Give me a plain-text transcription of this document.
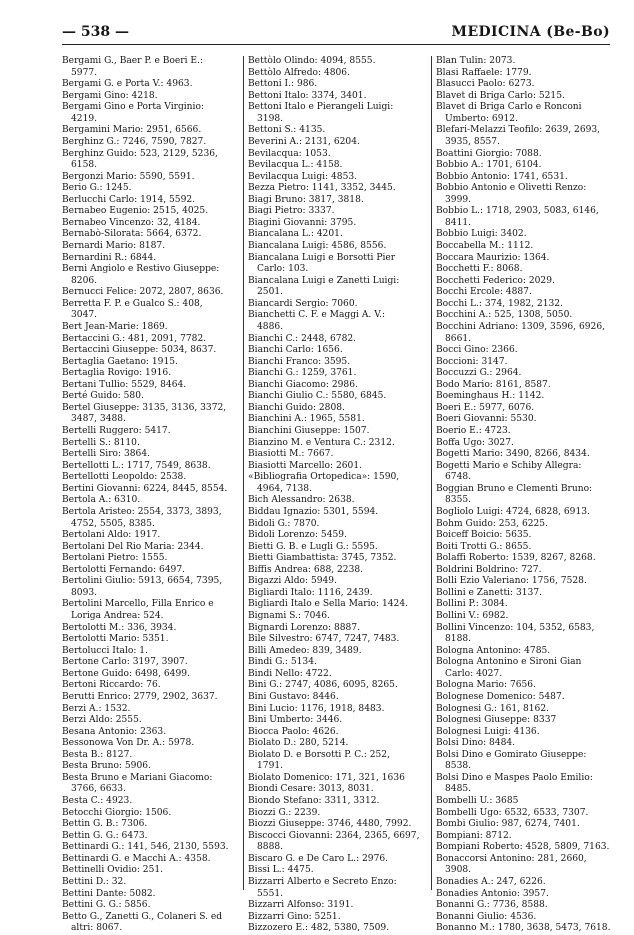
— 538 —	MEDICINA (Be-Bo)
Bergami G., Baer P. e Boeri E.:
5977.
Bergami G. e Porta V.: 4963.
Bergami Gino: 4218.
Bergami Gino e Porta Virginio:
4219.
Bergamini Mario: 2951, 6566.
Berghinz G.: 7246, 7590, 7827.
Berghinz Guido: 523, 2129, 5236,
6158.
Bergonzi Mario: 5590, 5591.
Berio G.: 1245.
Berlucchi Carlo: 1914, 5592.
Bernabeo Eugenio: 2515, 4025.
Bernabeo Vincenzo: 32, 4184.
Bernabò-Silorata: 5664, 6372.
Bernardi Mario: 8187.
Bernardini R.: 6844.
Berni Angiolo e Restivo Giuseppe:
8206.
Bernucci Felice: 2072, 2807, 8636.
Berretta F. P. e Gualco S.: 408,
3047.
Bert Jean-Marie: 1869.
Bertaccini G.: 481, 2091, 7782.
Bertaccini Giuseppe: 5034, 8637.
Bertaglia Gaetano: 1915.
Bertaglia Rovigo: 1916.
Bertani Tullio: 5529, 8464.
Berté Guido: 580.
Bertel Giuseppe: 3135, 3136, 3372,
3487, 3488.
Bertelli Ruggero: 5417.
Bertelli S.: 8110.
Bertelli Siro: 3864.
Bertellotti L.: 1717, 7549, 8638.
Bertellotti Leopoldo: 2538.
Bertini Giovanni: 6224, 8445, 8554.
Bertola A.: 6310.
Bertola Aristeo: 2554, 3373, 3893,
4752, 5505, 8385.
Bertolani Aldo: 1917.
Bertolani Del Rio Maria: 2344.
Bertolani Pietro: 1555.
Bertolotti Fernando: 6497.
Bertolini Giulio: 5913, 6654, 7395,
8093.
Bertolini Marcello, Filla Enrico e
Loriga Andrea: 524.
Bertolotti M.: 336, 3934.
Bertolotti Mario: 5351.
Bertolucci Italo: 1.
Bertone Carlo: 3197, 3907.
Bertone Guido: 6498, 6499.
Bertoni Riccardo: 76.
Berutti Enrico: 2779, 2902, 3637.
Berzi A.: 1532.
Berzi Aldo: 2555.
Besana Antonio: 2363.
Bessonowa Von Dr. A.: 5978.
Besta B.: 8127.
Besta Bruno: 5906.
Besta Bruno e Mariani Giacomo:
3766, 6633.
Besta C.: 4923.
Betocchi Giorgio: 1506.
Bettin G. B.: 7306.
Bettin G. G.: 6473.
Bettinardi G.: 141, 546, 2130, 5593.
Bettinardi G. e Macchi A.: 4358.
Bettinelli Ovidio: 251.
Bettini D.: 32.
Bettini Dante: 5082.
Bettini G. G.: 5856.
Betto G., Zanetti G., Colaneri S. ed
altri: 8067.
Bettòlo Olindo: 4094, 8555.
Bettòlo Alfredo: 4806.
Bettoni I.: 986.
Bettoni Italo: 3374, 3401.
Bettoni Italo e Pierangeli Luigi:
3198.
Bettoni S.: 4135.
Beverini A.: 2131, 6204.
Bevilacqua: 1053.
Bevilacqua L.: 4158.
Bevilacqua Luigi: 4853.
Bezza Pietro: 1141, 3352, 3445.
Biagi Bruno: 3817, 3818.
Biagi Pietro: 3337.
Biagini Giovanni: 3795.
Biancalana L.: 4201.
Biancalana Luigi: 4586, 8556.
Biancalana Luigi e Borsotti Pier
Carlo: 103.
Biancalana Luigi e Zanetti Luigi:
2501.
Biancardi Sergio: 7060.
Bianchetti C. F. e Maggi A. V.:
4886.
Bianchi C.: 2448, 6782.
Bianchi Carlo: 1656.
Bianchi Franco: 3595.
Bianchi G.: 1259, 3761.
Bianchi Giacomo: 2986.
Bianchi Giulio C.: 5580, 6845.
Bianchi Guido: 2808.
Bianchini A.: 1965, 5581.
Bianchini Giuseppe: 1507.
Bianzino M. e Ventura C.: 2312.
Biasiotti M.: 7667.
Biasiotti Marcello: 2601.
«Bibliografia Ortopedica»: 1590,
4964, 7138.
Bich Alessandro: 2638.
Biddau Ignazio: 5301, 5594.
Bidoli G.: 7870.
Bidoli Lorenzo: 5459.
Bietti G. B. e Lugli G.: 5595.
Bietti Giambattista: 3745, 7352.
Biffis Andrea: 688, 2238.
Bigazzi Aldo: 5949.
Bigliardi Italo: 1116, 2439.
Bigliardi Italo e Sella Mario: 1424.
Bignami S.: 7046.
Bignardi Lorenzo: 8887.
Bile Silvestro: 6747, 7247, 7483.
Billi Amedeo: 839, 3489.
Bindi G.: 5134.
Bindi Nello: 4722.
Bini G.: 2747, 4086, 6095, 8265.
Bini Gustavo: 8446.
Bini Lucio: 1176, 1918, 8483.
Bini Umberto: 3446.
Biocca Paolo: 4626.
Biolato D.: 280, 5214.
Biolato D. e Borsotti P. C.: 252,
1791.
Biolato Domenico: 171, 321, 1636
Biondi Cesare: 3013, 8031.
Biondo Stefano: 3311, 3312.
Biozzi G.: 2239.
Biozzi Giuseppe: 3746, 4480, 7992.
Biscocci Giovanni: 2364, 2365, 6697,
8888.
Biscaro G. e De Caro L.: 2976.
Bissi L.: 4475.
Bizzarri Alberto e Secreto Enzo:
5551.
Bizzarri Alfonso: 3191.
Bizzarri Gino: 5251.
Bizzozero E.: 482, 5380, 7509.
Blan Tulin: 2073.
Blasi Raffaele: 1779.
Blasucci Paolo: 6273.
Blavet di Briga Carlo: 5215.
Blavet di Briga Carlo e Ronconi
Umberto: 6912.
Blefari-Melazzi Teofilo: 2639, 2693,
3935, 8557.
Boattini Giorgio: 7088.
Bobbio A.: 1701, 6104.
Bobbio Antonio: 1741, 6531.
Bobbio Antonio e Olivetti Renzo:
3999.
Bobbio L.: 1718, 2903, 5083, 6146,
8411.
Bobbio Luigi: 3402.
Boccabella M.: 1112.
Boccara Maurizio: 1364.
Bocchetti F.: 8068.
Bocchetti Federico: 2029.
Bocchi Ercole: 4887.
Bocchi L.: 374, 1982, 2132.
Bocchini A.: 525, 1308, 5050.
Bocchini Adriano: 1309, 3596, 6926,
8661.
Bocci Gino: 2366.
Boccioni: 3147.
Boccuzzi G.: 2964.
Bodo Mario: 8161, 8587.
Boeminghaus H.: 1142.
Boeri E.: 5977, 6076.
Boeri Giovanni: 5530.
Boerio E.: 4723.
Boffa Ugo: 3027.
Bogetti Mario: 3490, 8266, 8434.
Bogetti Mario e Schiby Allegra:
6748.
Boggian Bruno e Clementi Bruno:
8355.
Bogliolo Luigi: 4724, 6828, 6913.
Bohm Guido: 253, 6225.
Boiceff Boicio: 5635.
Boiti Trotti G.: 8655.
Bolaffi Roberto: 1539, 8267, 8268.
Boldrini Boldrino: 727.
Bolli Ezio Valeriano: 1756, 7528.
Bollini e Zanetti: 3137.
Bollini P.: 3084.
Bollini V.: 6982.
Bollini Vincenzo: 104, 5352, 6583,
8188.
Bologna Antonino: 4785.
Bologna Antonino e Sironi Gian
Carlo: 4027.
Bologna Mario: 7656.
Bolognese Domenico: 5487.
Bolognesi G.: 161, 8162.
Bolognesi Giuseppe: 8337
Bolognesi Luigi: 4136.
Bolsi Dino: 8484.
Bolsi Dino e Gomirato Giuseppe:
8538.
Bolsi Dino e Maspes Paolo Emilio:
8485.
Bombelli U.: 3685
Bombelli Ugo: 6532, 6533, 7307.
Bombi Giulio: 987, 6274, 7401.
Bompiani: 8712.
Bompiani Roberto: 4528, 5809, 7163.
Bonaccorsi Antonino: 281, 2660,
3908.
Bonadies A.: 247, 6226.
Bonadies Antonio: 3957.
Bonanni G.: 7736, 8588.
Bonanni Giulio: 4536.
Bonanno M.: 1780, 3638, 5473, 7618.
